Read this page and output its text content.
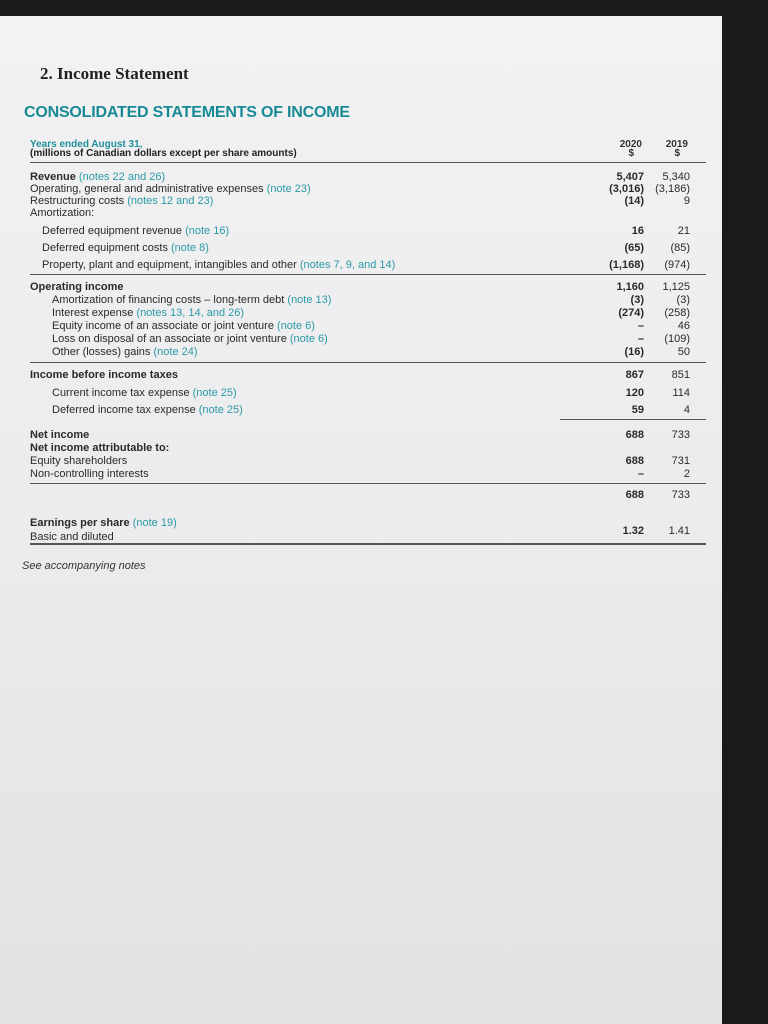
2. Income Statement
CONSOLIDATED STATEMENTS OF INCOME
Years ended August 31,	2020 2019
(millions of Canadian dollars except per share amounts)	$	$
Revenue (notes 22 and 26)	5,407 5,340
Operating, general and administrative expenses (note 23)	(3,016) (3,186)
Restructuring costs (notes 12 and 23)	(14)	9
Amortization:
Deferred equipment revenue (note 16)	16	21
Deferred equipment costs (note 8)	(65) (85)
Property, plant and equipment, intangibles and other (notes 7, 9, and 14)	(1,168) (974)
Operating income	1,160 1,125
Amortization of financing costs – long-term debt (note 13)	(3)	(3)
Interest expense (notes 13, 14, and 26)	(274) (258)
Equity income of an associate or joint venture (note 6)	–	46
Loss on disposal of an associate or joint venture (note 6)	– (109)
Other (losses) gains (note 24)	(16)	50
Income before income taxes	867	851
Current income tax expense (note 25)	120	114
Deferred income tax expense (note 25)	59	4
Net income	688	733
Net income attributable to:
Equity shareholders	688	731
Non-controlling interests	–	2
688	733
Earnings per share (note 19)
Basic and diluted	1.32 1.41
See accompanying notes
